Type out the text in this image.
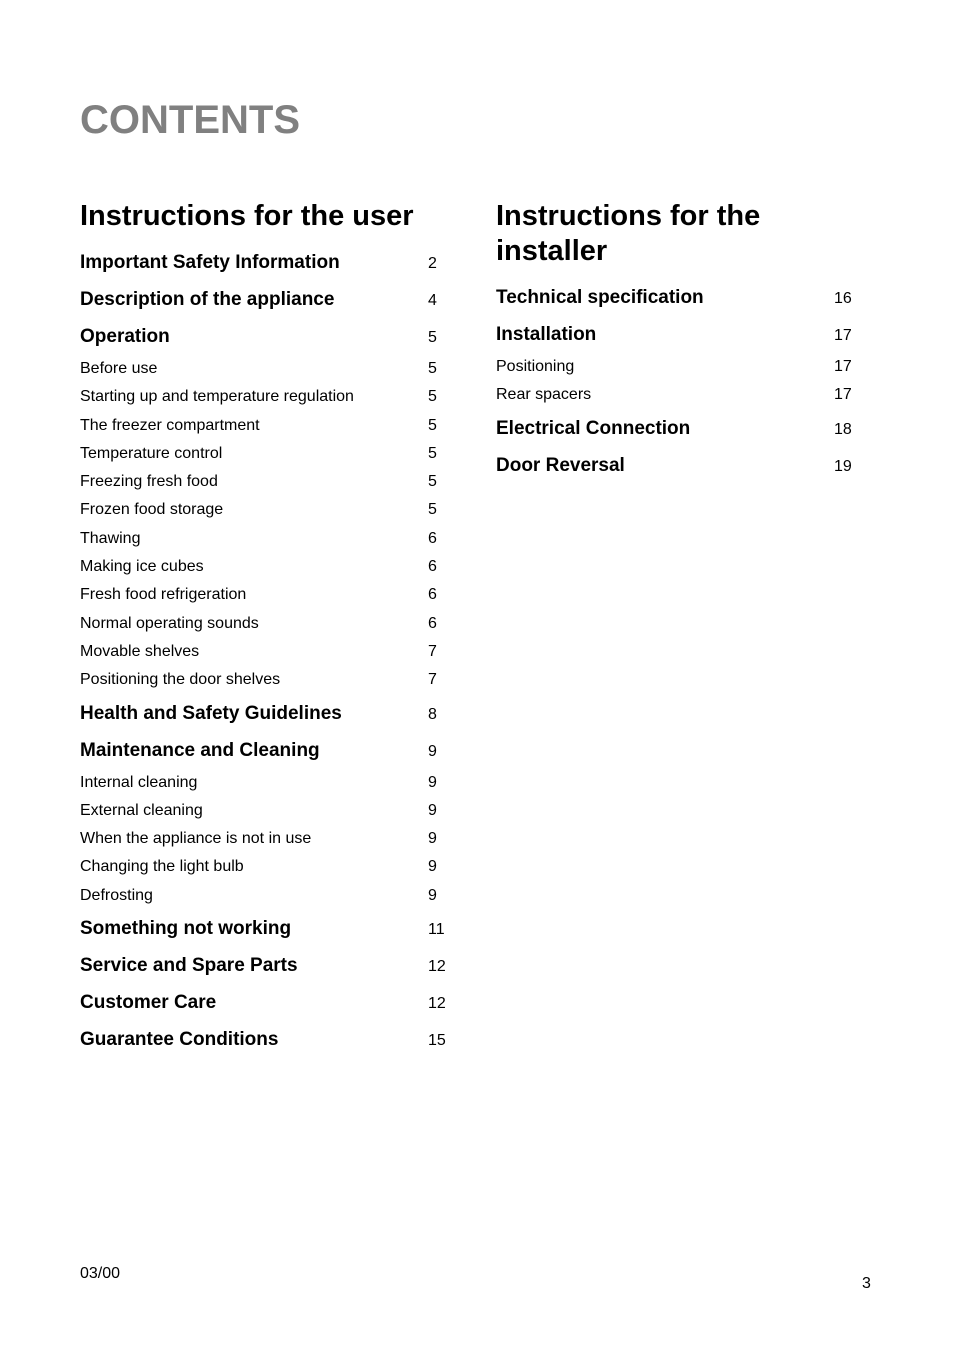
CONTENTS
Instructions for the user
Important Safety Information	2
Description of the appliance	4
Operation	5
Before use	5
Starting up and temperature regulation	5
The freezer compartment	5
Temperature control	5
Freezing fresh food	5
Frozen food storage	5
Thawing	6
Making ice cubes	6
Fresh food refrigeration	6
Normal operating sounds	6
Movable shelves	7
Positioning the door shelves	7
Health and Safety Guidelines	8
Maintenance and Cleaning	9
Internal cleaning	9
External cleaning	9
When the appliance is not in use	9
Changing the light bulb	9
Defrosting	9
Something not working	11
Service and Spare Parts	12
Customer Care	12
Guarantee Conditions	15
Instructions for the installer
Technical specification	16
Installation	17
Positioning	17
Rear spacers	17
Electrical Connection	18
Door Reversal	19
03/00
3
